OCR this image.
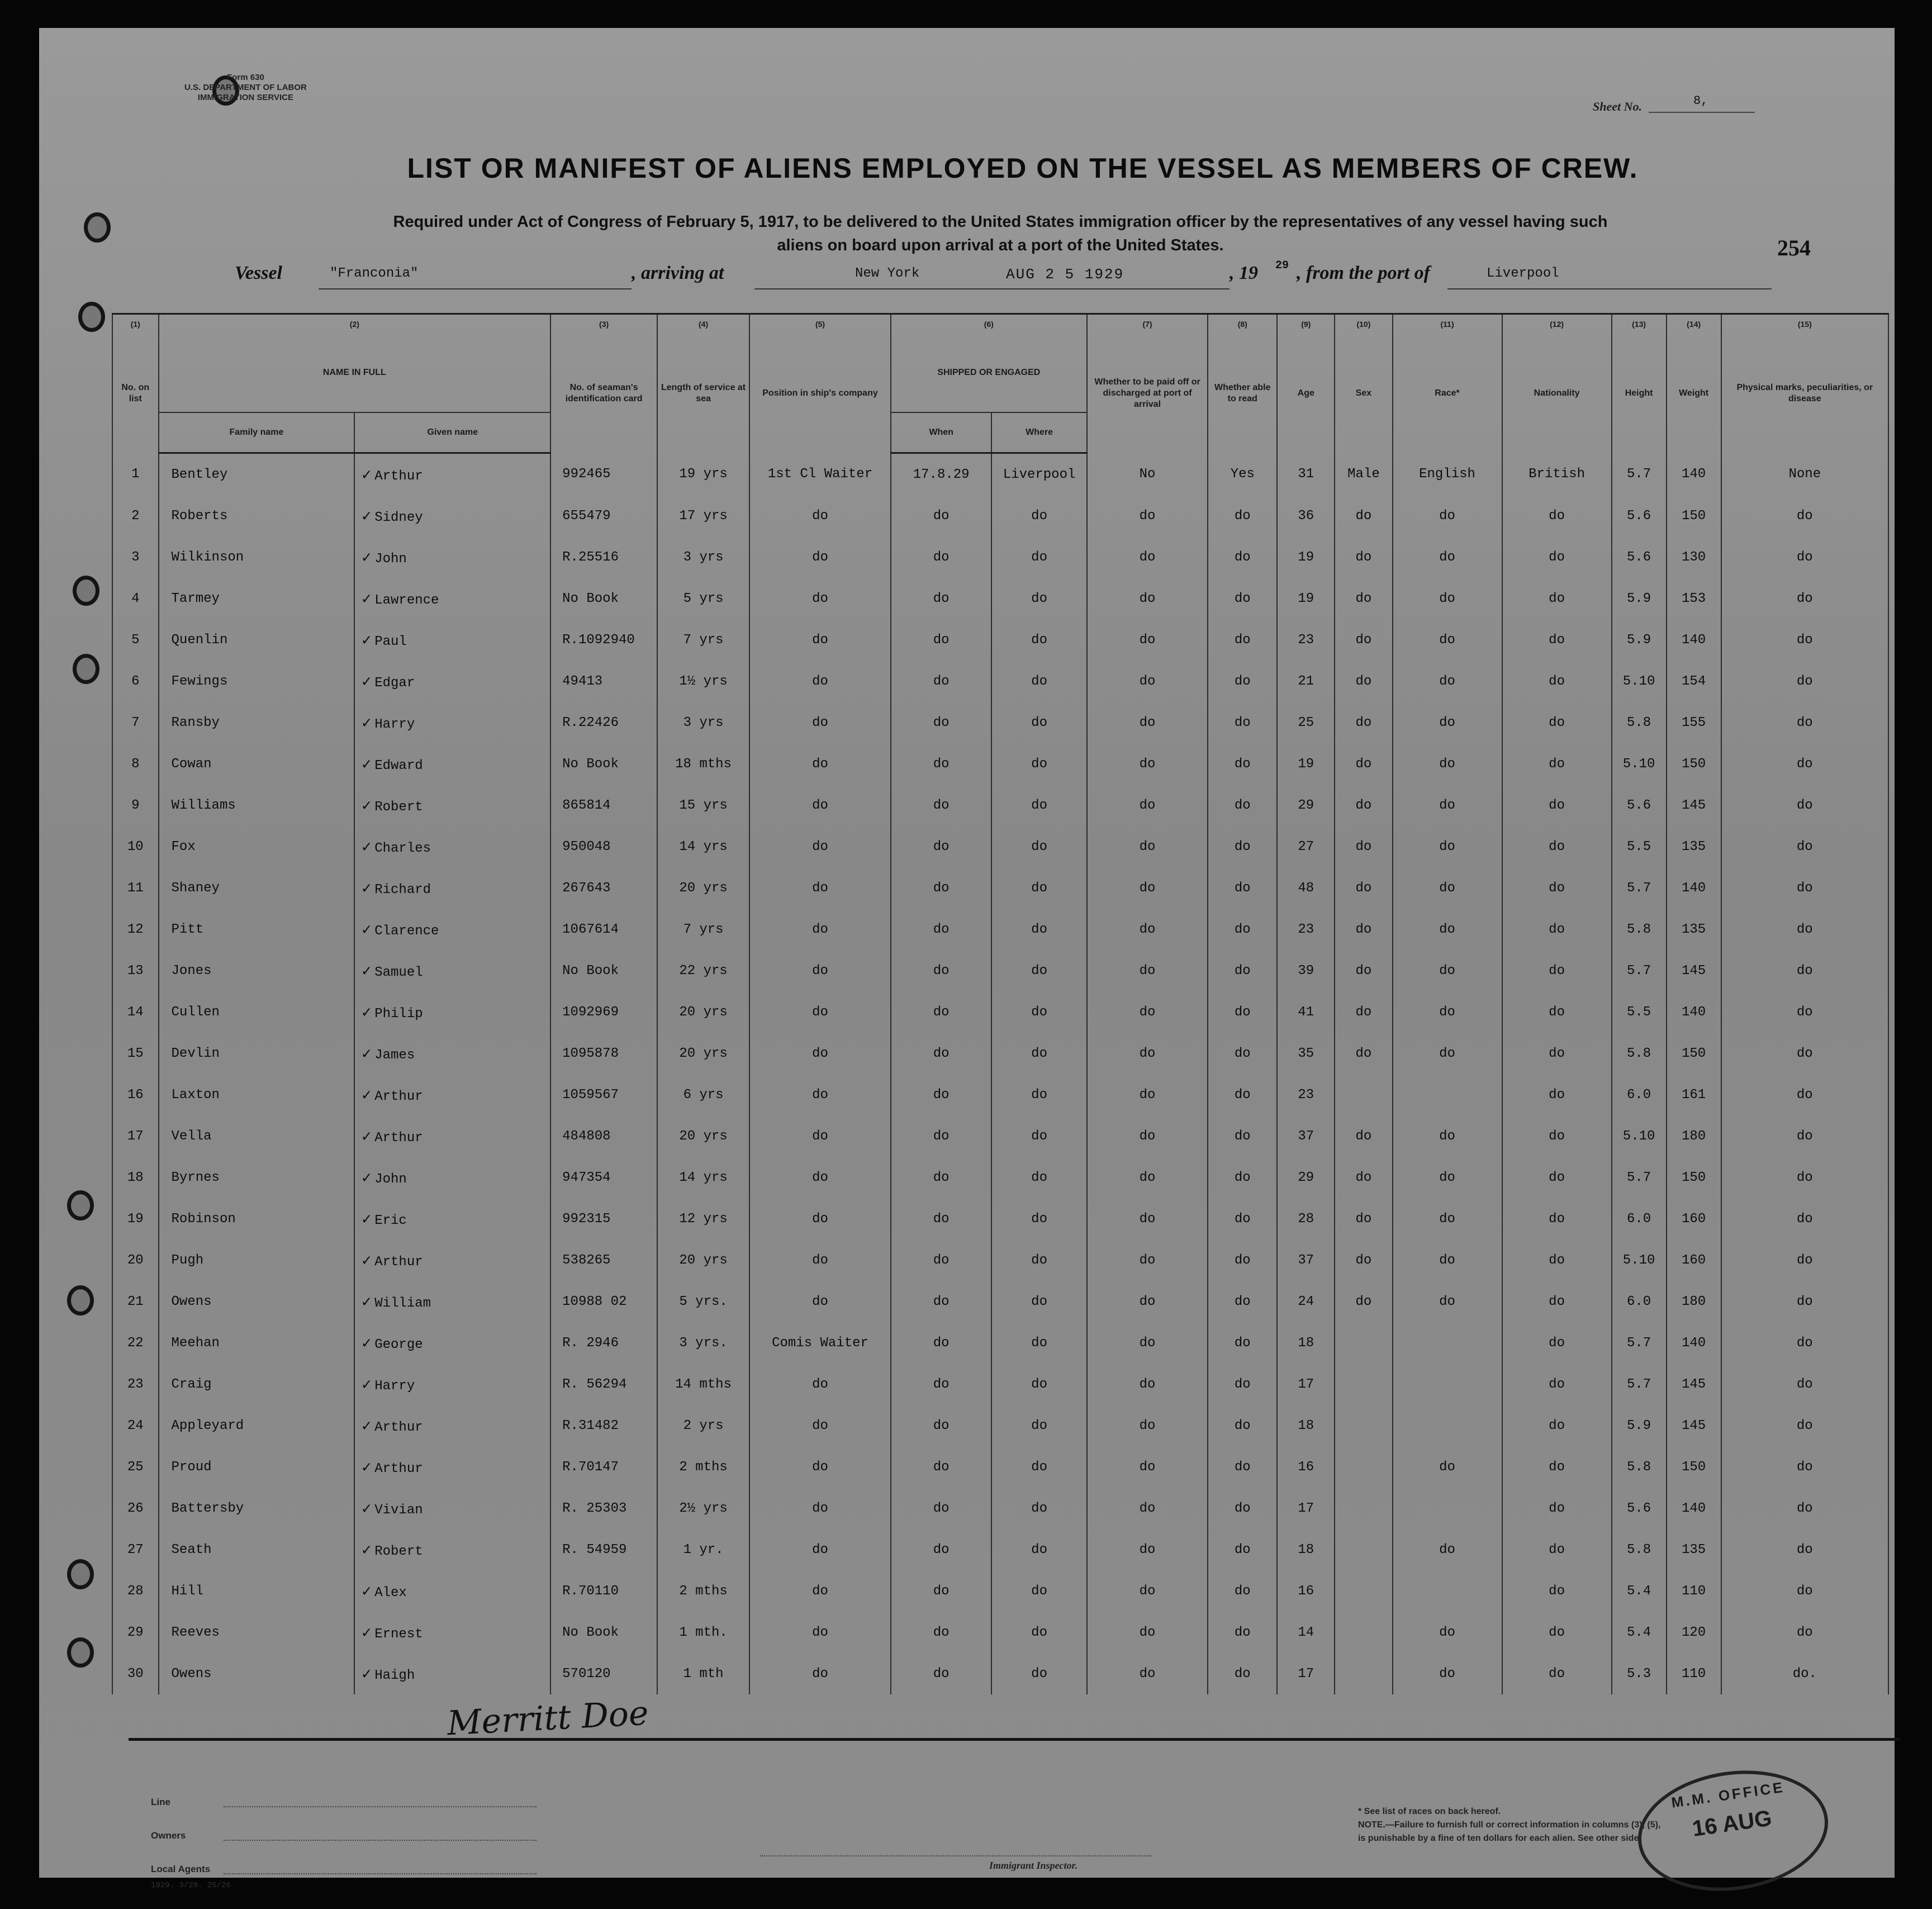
Form 630
U.S. DEPARTMENT OF LABOR
IMMIGRATION SERVICE
Sheet No.	8,
LIST OR MANIFEST OF ALIENS EMPLOYED ON THE VESSEL AS MEMBERS OF CREW.
Required under Act of Congress of February 5, 1917, to be delivered to the United States immigration officer by the representatives of any vessel having such
aliens on board upon arrival at a port of the United States.	254
Vessel	"Franconia"	, arriving at	New York	AUG 2 5 1929	, 19 29 , from the port of	Liverpool
(1)	(2)		(3)	(4)	(5)	(6)		(7)	(8)	(9)	(10)	(11)	(12)	(13)	(14)	(15)
No. on list	NAME IN FULL		No. of seaman's identification card	Length of service at sea	Position in ship's company	SHIPPED OR ENGAGED		Whether to be paid off or discharged at port of arrival	Whether able to read	Age	Sex	Race*	Nationality	Height	Weight	Physical marks, peculiarities, or disease
	Family name	Given name				When	Where									
1	Bentley	✓ Arthur	992465	19 yrs	1st Cl Waiter	17.8.29	Liverpool	No	Yes	31	Male	English	British	5.7	140	None
2	Roberts	✓ Sidney	655479	17 yrs	do	do	do	do	do	36	do	do	do	5.6	150	do
3	Wilkinson	✓ John	R.25516	3 yrs	do	do	do	do	do	19	do	do	do	5.6	130	do
4	Tarmey	✓ Lawrence	No Book	5 yrs	do	do	do	do	do	19	do	do	do	5.9	153	do
5	Quenlin	✓ Paul	R.1092940	7 yrs	do	do	do	do	do	23	do	do	do	5.9	140	do
6	Fewings	✓ Edgar	49413	1½ yrs	do	do	do	do	do	21	do	do	do	5.10	154	do
7	Ransby	✓ Harry	R.22426	3 yrs	do	do	do	do	do	25	do	do	do	5.8	155	do
8	Cowan	✓ Edward	No Book	18 mths	do	do	do	do	do	19	do	do	do	5.10	150	do
9	Williams	✓ Robert	865814	15 yrs	do	do	do	do	do	29	do	do	do	5.6	145	do
10	Fox	✓ Charles	950048	14 yrs	do	do	do	do	do	27	do	do	do	5.5	135	do
11	Shaney	✓ Richard	267643	20 yrs	do	do	do	do	do	48	do	do	do	5.7	140	do
12	Pitt	✓ Clarence	1067614	7 yrs	do	do	do	do	do	23	do	do	do	5.8	135	do
13	Jones	✓ Samuel	No Book	22 yrs	do	do	do	do	do	39	do	do	do	5.7	145	do
14	Cullen	✓ Philip	1092969	20 yrs	do	do	do	do	do	41	do	do	do	5.5	140	do
15	Devlin	✓ James	1095878	20 yrs	do	do	do	do	do	35	do	do	do	5.8	150	do
16	Laxton	✓ Arthur	1059567	6 yrs	do	do	do	do	do	23			do	6.0	161	do
17	Vella	✓ Arthur	484808	20 yrs	do	do	do	do	do	37	do	do	do	5.10	180	do
18	Byrnes	✓ John	947354	14 yrs	do	do	do	do	do	29	do	do	do	5.7	150	do
19	Robinson	✓ Eric	992315	12 yrs	do	do	do	do	do	28	do	do	do	6.0	160	do
20	Pugh	✓ Arthur	538265	20 yrs	do	do	do	do	do	37	do	do	do	5.10	160	do
21	Owens	✓ William	10988 02	5 yrs.	do	do	do	do	do	24	do	do	do	6.0	180	do
22	Meehan	✓ George	R. 2946	3 yrs.	Comis Waiter	do	do	do	do	18			do	5.7	140	do
23	Craig	✓ Harry	R. 56294	14 mths	do	do	do	do	do	17			do	5.7	145	do
24	Appleyard	✓ Arthur	R.31482	2 yrs	do	do	do	do	do	18			do	5.9	145	do
25	Proud	✓ Arthur	R.70147	2 mths	do	do	do	do	do	16		do	do	5.8	150	do
26	Battersby	✓ Vivian	R. 25303	2½ yrs	do	do	do	do	do	17			do	5.6	140	do
27	Seath	✓ Robert	R. 54959	1 yr.	do	do	do	do	do	18		do	do	5.8	135	do
28	Hill	✓ Alex	R.70110	2 mths	do	do	do	do	do	16			do	5.4	110	do
29	Reeves	✓ Ernest	No Book	1 mth.	do	do	do	do	do	14		do	do	5.4	120	do
30	Owens	✓ Haigh	570120	1 mth	do	do	do	do	do	17		do	do	5.3	110	do.
Merritt Doe
Line
Owners
Local Agents
1929. 3/29. 25/26
Immigrant Inspector.

* See list of races on back hereof.

NOTE.—Failure to furnish full or correct information in columns (3), (5),

is punishable by a fine of ten dollars for each alien. See other side.

M.M. OFFICE
16 AUG
